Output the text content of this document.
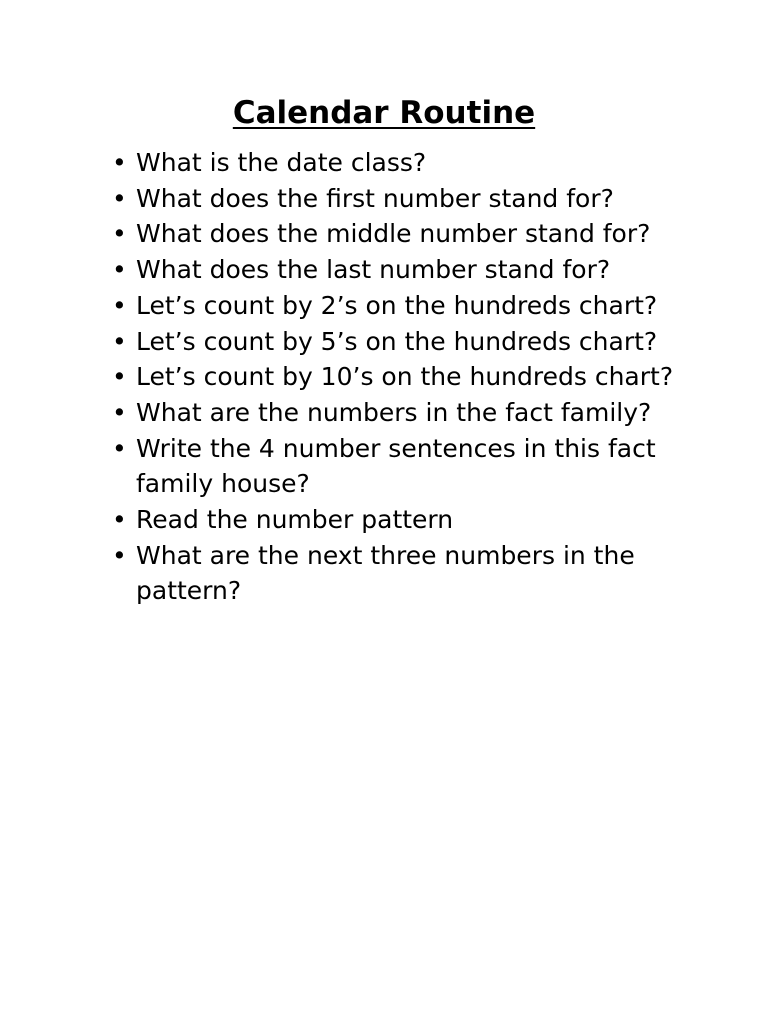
Calendar Routine
• What is the date class?
• What does the first number stand for?
• What does the middle number stand for?
• What does the last number stand for?
• Let’s count by 2’s on the hundreds chart?
• Let’s count by 5’s on the hundreds chart?
• Let’s count by 10’s on the hundreds chart?
• What are the numbers in the fact family?
• Write the 4 number sentences in this fact family house?
• Read the number pattern
• What are the next three numbers in the pattern?
